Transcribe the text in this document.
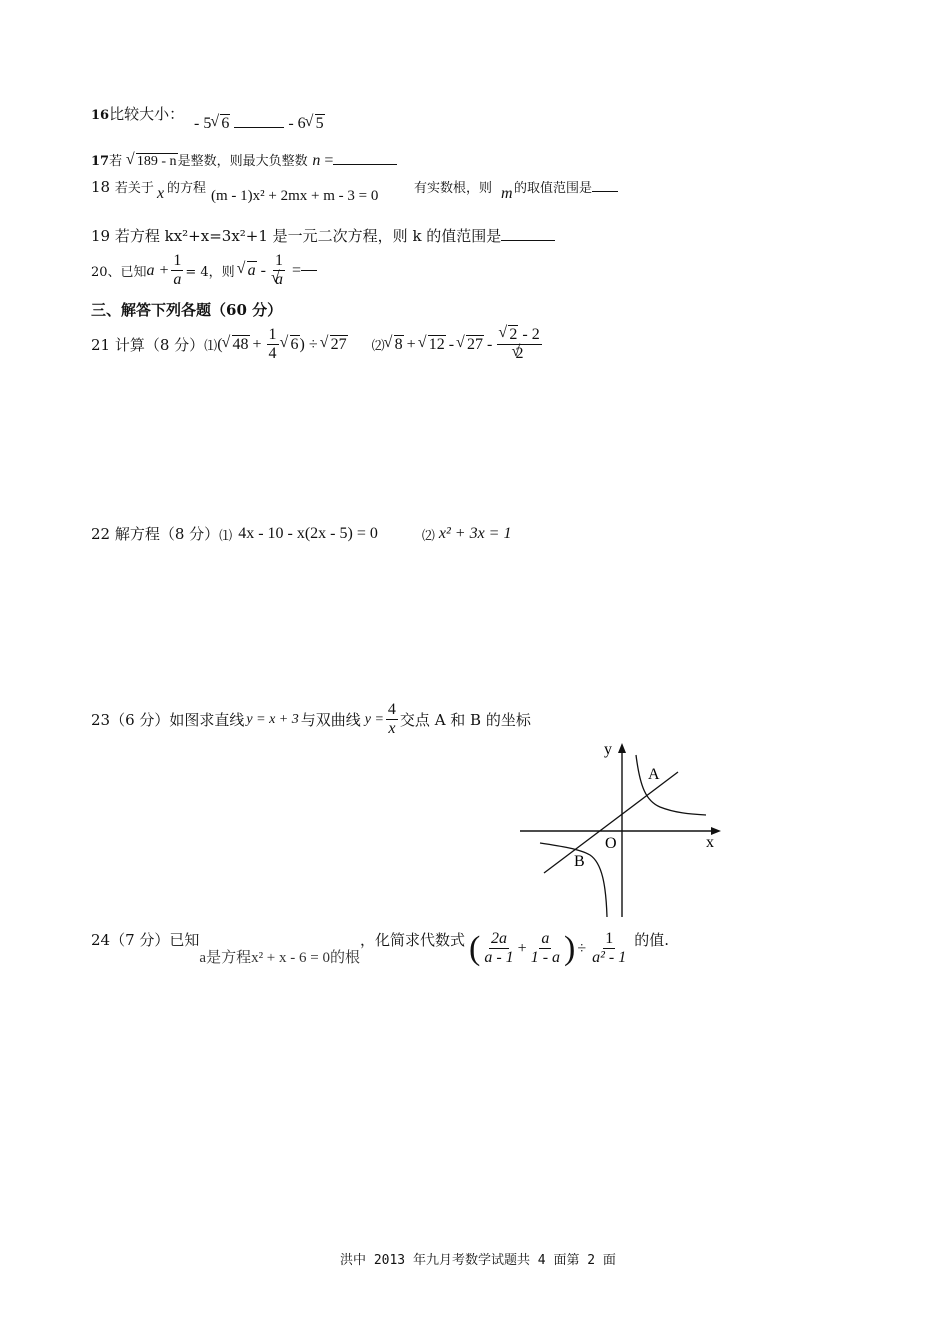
16比较大小：
- 5 √ 6	- 6 √ 5
17若 √ 189 - n是整数，则最大负整数 n =
18 若关于 x 的方程 (m - 1)x² + 2mx + m - 3 = 0	有实数根，则 m 的取值范围是
19 若方程 kx²+x=3x²+1 是一元二次方程，则 k 的值范围是
20、已知 $a + \frac{1}{a} = 4$，则 √ a - 1
√ a =
三、解答下列各题（60 分）
21 计算（8 分） ⑴ ( √ $48 + \frac{1}{4}$ √ 6 ) ÷ √ 27 ⑵ √ 8 + √ 12 - √ 27 - √ 2 - 2
√ 2
22 解方程（8 分） ⑴ 4x - 10 - x(2x - 5) = 0	⑵ x² + 3x = 1
23（6 分）如图求直线 y = x + 3 与双曲线 $y = \frac{4}{x}$ 交点 A 和 B 的坐标
x
y
O
A
B
24（7 分）已知
a是方程x² + x - 6 = 0的根
，化简求代数式 ( $\frac{2a}{a - 1} + \frac{a}{1 - a}$ ) ÷ $\frac{1}{\text{a² - 1}}$ 的值.
洪中 2013 年九月考数学试题共 4 面第 2 面
